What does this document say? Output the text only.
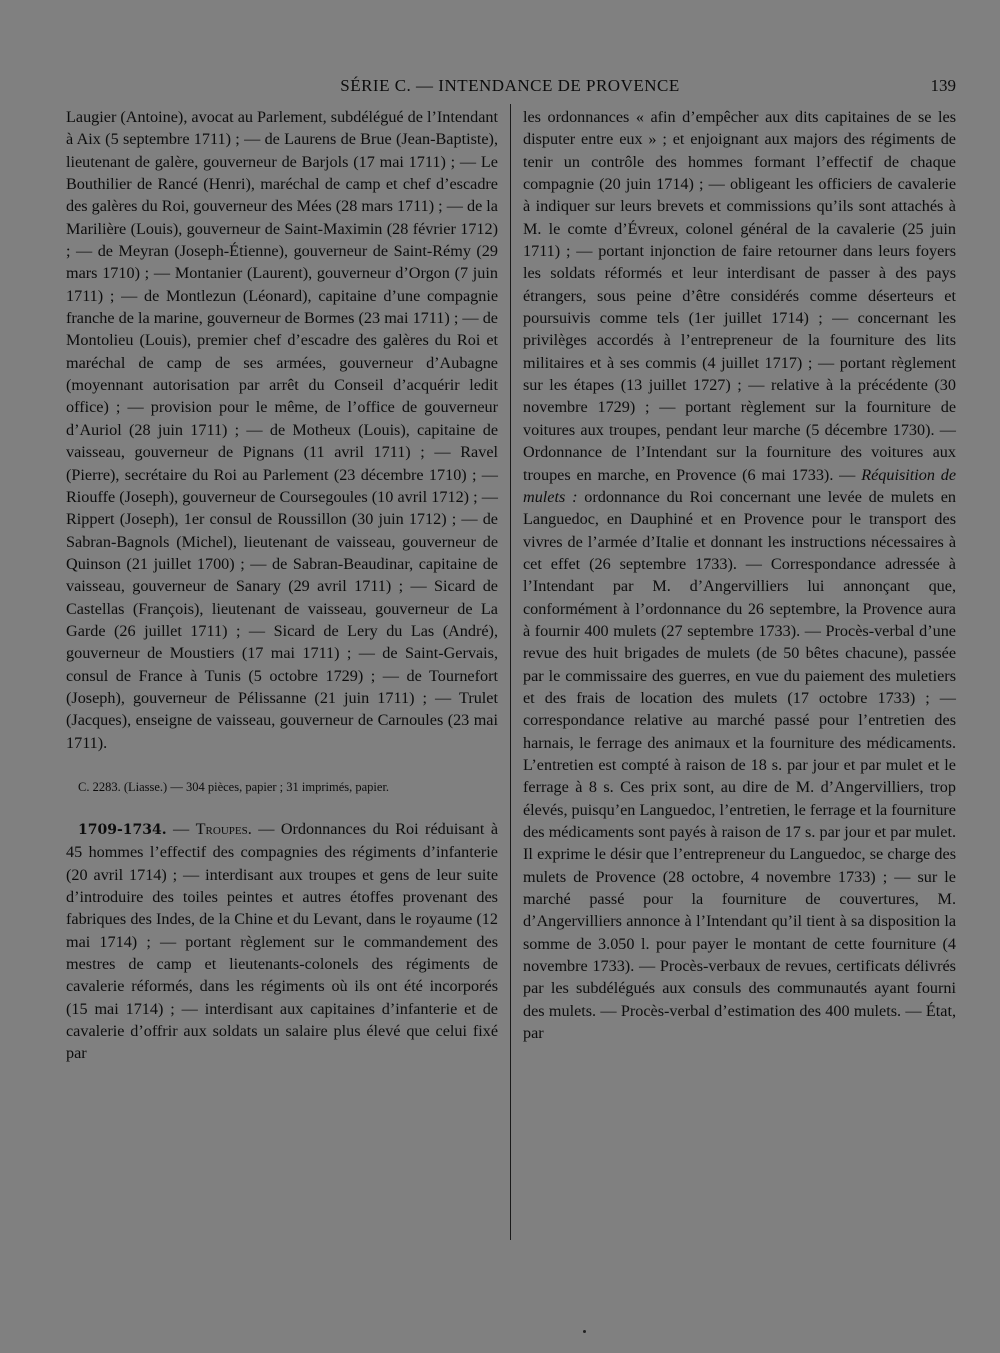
SÉRIE C. — INTENDANCE DE PROVENCE	139

Laugier (Antoine), avocat au Parlement, subdélégué de l’Intendant à Aix (5 septembre 1711) ; — de Laurens de Brue (Jean-Baptiste), lieutenant de galère, gouverneur de Barjols (17 mai 1711) ; — Le Bouthilier de Rancé (Henri), maréchal de camp et chef d’escadre des galères du Roi, gouverneur des Mées (28 mars 1711) ; — de la Marilière (Louis), gouverneur de Saint-Maximin (28 février 1712) ; — de Meyran (Joseph-Étienne), gouverneur de Saint-Rémy (29 mars 1710) ; — Montanier (Laurent), gouverneur d’Orgon (7 juin 1711) ; — de Montlezun (Léonard), capitaine d’une compagnie franche de la marine, gouverneur de Bormes (23 mai 1711) ; — de Montolieu (Louis), premier chef d’escadre des galères du Roi et maréchal de camp de ses armées, gouverneur d’Aubagne (moyennant autorisation par arrêt du Conseil d’acquérir ledit office) ; — provision pour le même, de l’office de gouverneur d’Auriol (28 juin 1711) ; — de Motheux (Louis), capitaine de vaisseau, gouverneur de Pignans (11 avril 1711) ; — Ravel (Pierre), secrétaire du Roi au Parlement (23 décembre 1710) ; — Riouffe (Joseph), gouverneur de Coursegoules (10 avril 1712) ; — Rippert (Joseph), 1er consul de Roussillon (30 juin 1712) ; — de Sabran-Bagnols (Michel), lieutenant de vaisseau, gouverneur de Quinson (21 juillet 1700) ; — de Sabran-Beaudinar, capitaine de vaisseau, gouverneur de Sanary (29 avril 1711) ; — Sicard de Castellas (François), lieutenant de vaisseau, gouverneur de La Garde (26 juillet 1711) ; — Sicard de Lery du Las (André), gouverneur de Moustiers (17 mai 1711) ; — de Saint-Gervais, consul de France à Tunis (5 octobre 1729) ; — de Tournefort (Joseph), gouverneur de Pélissanne (21 juin 1711) ; — Trulet (Jacques), enseigne de vaisseau, gouverneur de Carnoules (23 mai 1711).

C. 2283. (Liasse.) — 304 pièces, papier ; 31 imprimés, papier.

1709-1734. — Troupes. — Ordonnances du Roi réduisant à 45 hommes l’effectif des compagnies des régiments d’infanterie (20 avril 1714) ; — interdisant aux troupes et gens de leur suite d’introduire des toiles peintes et autres étoffes provenant des fabriques des Indes, de la Chine et du Levant, dans le royaume (12 mai 1714) ; — portant règlement sur le commandement des mestres de camp et lieutenants-colonels des régiments de cavalerie réformés, dans les régiments où ils ont été incorporés (15 mai 1714) ; — interdisant aux capitaines d’infanterie et de cavalerie d’offrir aux soldats un salaire plus élevé que celui fixé par

les ordonnances « afin d’empêcher aux dits capitaines de se les disputer entre eux » ; et enjoignant aux majors des régiments de tenir un contrôle des hommes formant l’effectif de chaque compagnie (20 juin 1714) ; — obligeant les officiers de cavalerie à indiquer sur leurs brevets et commissions qu’ils sont attachés à M. le comte d’Évreux, colonel général de la cavalerie (25 juin 1711) ; — portant injonction de faire retourner dans leurs foyers les soldats réformés et leur interdisant de passer à des pays étrangers, sous peine d’être considérés comme déserteurs et poursuivis comme tels (1er juillet 1714) ; — concernant les privilèges accordés à l’entrepreneur de la fourniture des lits militaires et à ses commis (4 juillet 1717) ; — portant règlement sur les étapes (13 juillet 1727) ; — relative à la précédente (30 novembre 1729) ; — portant règlement sur la fourniture de voitures aux troupes, pendant leur marche (5 décembre 1730). — Ordonnance de l’Intendant sur la fourniture des voitures aux troupes en marche, en Provence (6 mai 1733). — Réquisition de mulets : ordonnance du Roi concernant une levée de mulets en Languedoc, en Dauphiné et en Provence pour le transport des vivres de l’armée d’Italie et donnant les instructions nécessaires à cet effet (26 septembre 1733). — Correspondance adressée à l’Intendant par M. d’Angervilliers lui annonçant que, conformément à l’ordonnance du 26 septembre, la Provence aura à fournir 400 mulets (27 septembre 1733). — Procès-verbal d’une revue des huit brigades de mulets (de 50 bêtes chacune), passée par le commissaire des guerres, en vue du paiement des muletiers et des frais de location des mulets (17 octobre 1733) ; — correspondance relative au marché passé pour l’entretien des harnais, le ferrage des animaux et la fourniture des médicaments. L’entretien est compté à raison de 18 s. par jour et par mulet et le ferrage à 8 s. Ces prix sont, au dire de M. d’Angervilliers, trop élevés, puisqu’en Languedoc, l’entretien, le ferrage et la fourniture des médicaments sont payés à raison de 17 s. par jour et par mulet. Il exprime le désir que l’entrepreneur du Languedoc, se charge des mulets de Provence (28 octobre, 4 novembre 1733) ; — sur le marché passé pour la fourniture de couvertures, M. d’Angervilliers annonce à l’Intendant qu’il tient à sa disposition la somme de 3.050 l. pour payer le montant de cette fourniture (4 novembre 1733). — Procès-verbaux de revues, certificats délivrés par les subdélégués aux consuls des communautés ayant fourni des mulets. — Procès-verbal d’estimation des 400 mulets. — État, par
